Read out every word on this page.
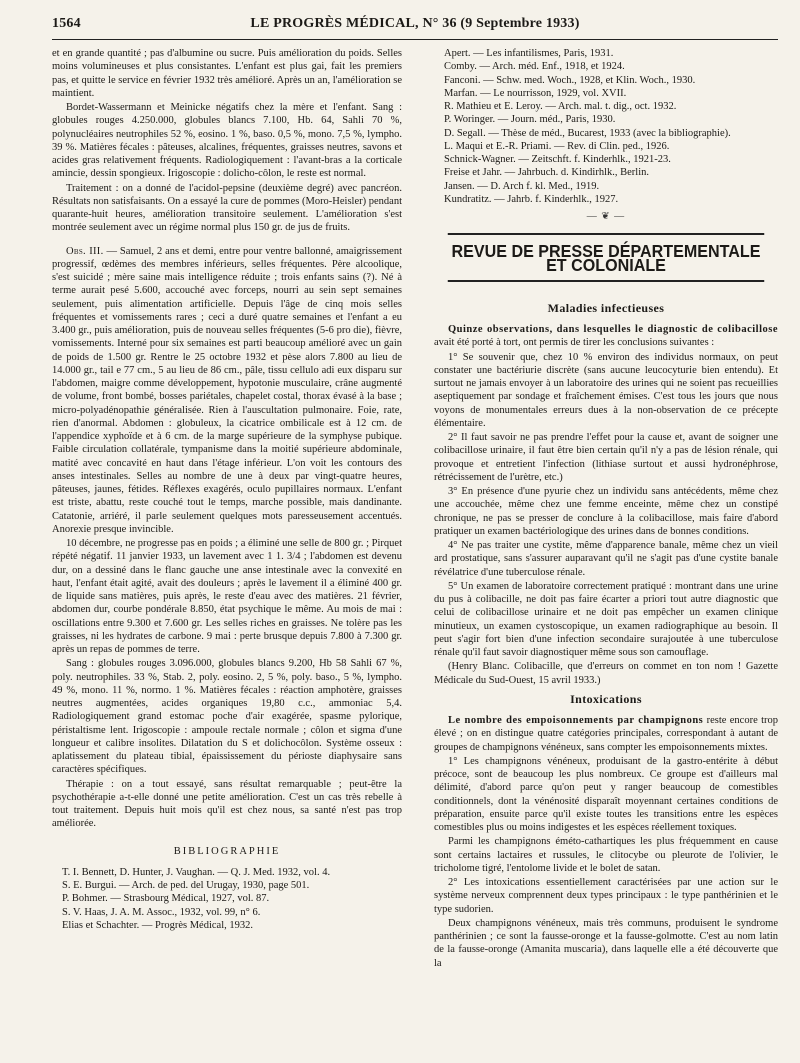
1564	LE PROGRÈS MÉDICAL, N° 36 (9 Septembre 1933)

et en grande quantité ; pas d'albumine ou sucre. Puis amélioration du poids. Selles moins volumineuses et plus consistantes. L'enfant est plus gai, fait les premiers pas, et quitte le service en février 1932 très amélioré. Après un an, l'amélioration se maintient.

Bordet-Wassermann et Meinicke négatifs chez la mère et l'enfant. Sang : globules rouges 4.250.000, globules blancs 7.100, Hb. 64, Sahli 70 %, polynucléaires neutrophiles 52 %, eosino. 1 %, baso. 0,5 %, mono. 7,5 %, lympho. 39 %. Matières fécales : pâteuses, alcalines, fréquentes, graisses neutres, savons et acides gras relativement fréquents. Radiologiquement : l'avant-bras a la corticale amincie, dessin spongieux. Irigoscopie : dolicho-côlon, le reste est normal.

Traitement : on a donné de l'acidol-pepsine (deuxième degré) avec pancréon. Résultats non satisfaisants. On a essayé la cure de pommes (Moro-Heisler) pendant quarante-huit heures, amélioration transitoire seulement. L'amélioration s'est montrée seulement avec un régime normal plus 150 gr. de jus de fruits.

Obs. III. — Samuel, 2 ans et demi, entre pour ventre ballonné, amaigrissement progressif, œdèmes des membres inférieurs, selles fréquentes. Père alcoolique, s'est suicidé ; mère saine mais intelligence réduite ; trois enfants sains (?). Né à terme aurait pesé 5.600, accouché avec forceps, nourri au sein sept semaines seulement, puis alimentation artificielle. Depuis l'âge de cinq mois selles fréquentes et vomissements rares ; ceci a duré quatre semaines et l'enfant a eu 3.400 gr., puis amélioration, puis de nouveau selles fréquentes (5-6 pro die), fièvre, vomissements. Interné pour six semaines est parti beaucoup amélioré avec un gain de poids de 1.500 gr. Rentre le 25 octobre 1932 et pèse alors 7.800 au lieu de 14.000 gr., tail e 77 cm., 5 au lieu de 86 cm., pâle, tissu cellulo adi eux disparu sur l'abdomen, maigre comme développement, hypotonie musculaire, crâne augmenté de volume, front bombé, bosses pariétales, chapelet costal, thorax évasé à la base ; micro-polyadénopathie généralisée. Rien à l'auscultation pulmonaire. Foie, rate, rien d'anormal. Abdomen : globuleux, la cicatrice ombilicale est à 12 cm. de l'appendice xyphoïde et à 6 cm. de la marge supérieure de la symphyse pubique. Faible circulation collatérale, tympanisme dans la moitié supérieure abdominale, matité avec concavité en haut dans l'étage inférieur. L'on voit les contours des anses intestinales. Selles au nombre de une à deux par vingt-quatre heures, pâteuses, jaunes, fétides. Réflexes exagérés, oculo pupillaires normaux. L'enfant est triste, abattu, reste couché tout le temps, marche possible, mais dandinante. Catatonie, arriéré, il parle seulement quelques mots paresseusement accentués. Anorexie presque invincible.

10 décembre, ne progresse pas en poids ; a éliminé une selle de 800 gr. ; Pirquet répété négatif. 11 janvier 1933, un lavement avec 1 1. 3/4 ; l'abdomen est devenu dur, on a dessiné dans le flanc gauche une anse intestinale avec la convexité en haut, l'enfant était agité, avait des douleurs ; après le lavement il a éliminé 400 gr. de liquide sans matières, puis après, le reste d'eau avec des matières. 21 février, abdomen dur, courbe pondérale 8.850, état psychique le même. Au mois de mai : oscillations entre 9.300 et 7.600 gr. Les selles riches en graisses. Ne tolère pas les graisses, ni les hydrates de carbone. 9 mai : perte brusque depuis 7.800 à 7.300 gr. après un repas de pommes de terre.

Sang : globules rouges 3.096.000, globules blancs 9.200, Hb 58 Sahli 67 %, poly. neutrophiles. 33 %, Stab. 2, poly. eosino. 2, 5 %, poly. baso., 5 %, lympho. 49 %, mono. 11 %, normo. 1 %. Matières fécales : réaction amphotère, graisses neutres augmentées, acides organiques 19,80 c.c., ammoniac 5,4. Radiologiquement grand estomac poche d'air exagérée, spasme pylorique, péristaltisme lent. Irigoscopie : ampoule rectale normale ; côlon et sigma d'une longueur et calibre insolites. Dilatation du S et dolichocôlon. Système osseux : aplatissement du plateau tibial, épaississement du périoste diaphysaire sans caractères spécifiques.

Thérapie : on a tout essayé, sans résultat remarquable ; peut-être la psychothérapie a-t-elle donné une petite amélioration. C'est un cas très rebelle à tout traitement. Depuis huit mois qu'il est chez nous, sa santé n'est pas trop améliorée.

BIBLIOGRAPHIE

T. I. Bennett, D. Hunter, J. Vaughan. — Q. J. Med. 1932, vol. 4.

S. E. Burgui. — Arch. de ped. del Urugay, 1930, page 501.

P. Bohmer. — Strasbourg Médical, 1927, vol. 87.

S. V. Haas, J. A. M. Assoc., 1932, vol. 99, n° 6.

Elias et Schachter. — Progrès Médical, 1932.

Apert. — Les infantilismes, Paris, 1931.

Comby. — Arch. méd. Enf., 1918, et 1924.

Fanconi. — Schw. med. Woch., 1928, et Klin. Woch., 1930.

Marfan. — Le nourrisson, 1929, vol. XVII.

R. Mathieu et E. Leroy. — Arch. mal. t. dig., oct. 1932.

P. Woringer. — Journ. méd., Paris, 1930.

D. Segall. — Thèse de méd., Bucarest, 1933 (avec la bibliographie).

L. Maqui et E.-R. Priami. — Rev. di Clin. ped., 1926.

Schnick-Wagner. — Zeitschft. f. Kinderhlk., 1921-23.

Freise et Jahr. — Jahrbuch. d. Kindirhlk., Berlin.

Jansen. — D. Arch f. kl. Med., 1919.

Kundratitz. — Jahrb. f. Kinderhlk., 1927.

— ❦ —
REVUE DE PRESSE DÉPARTEMENTALE ET COLONIALE
Maladies infectieuses

Quinze observations, dans lesquelles le diagnostic de colibacillose avait été porté à tort, ont permis de tirer les conclusions suivantes :

1° Se souvenir que, chez 10 % environ des individus normaux, on peut constater une bactériurie discrète (sans aucune leucocyturie bien entendu). Et surtout ne jamais envoyer à un laboratoire des urines qui ne soient pas recueillies aseptiquement par sondage et fraîchement émises. C'est tous les jours que nous voyons de monumentales erreurs dues à la non-observation de ce précepte élémentaire.

2° Il faut savoir ne pas prendre l'effet pour la cause et, avant de soigner une colibacillose urinaire, il faut être bien certain qu'il n'y a pas de lésion rénale, qui provoque et entretient l'infection (lithiase surtout et aussi hydronéphrose, rétrécissement de l'urètre, etc.)

3° En présence d'une pyurie chez un individu sans antécédents, même chez une accouchée, même chez une femme enceinte, même chez un constipé chronique, ne pas se presser de conclure à la colibacillose, mais faire d'abord pratiquer un examen bactériologique des urines dans de bonnes conditions.

4° Ne pas traiter une cystite, même d'apparence banale, même chez un vieil ard prostatique, sans s'assurer auparavant qu'il ne s'agit pas d'une cystite banale révélatrice d'une tuberculose rénale.

5° Un examen de laboratoire correctement pratiqué : montrant dans une urine du pus à colibacille, ne doit pas faire écarter a priori tout autre diagnostic que celui de colibacillose urinaire et ne doit pas empêcher un examen clinique minutieux, un examen cystoscopique, un examen radiographique au besoin. Il peut s'agir fort bien d'une infection secondaire surajoutée à une tuberculose rénale qu'il faut savoir diagnostiquer même sous son camouflage.

(Henry Blanc. Colibacille, que d'erreurs on commet en ton nom ! Gazette Médicale du Sud-Ouest, 15 avril 1933.)

Intoxications

Le nombre des empoisonnements par champignons reste encore trop élevé ; on en distingue quatre catégories principales, correspondant à autant de groupes de champignons vénéneux, sans compter les empoisonnements mixtes.

1° Les champignons vénéneux, produisant de la gastro-entérite à début précoce, sont de beaucoup les plus nombreux. Ce groupe est d'ailleurs mal délimité, d'abord parce qu'on peut y ranger beaucoup de comestibles conditionnels, dont la vénénosité disparaît moyennant certaines conditions de préparation, ensuite parce qu'il existe toutes les transitions entre les espèces comestibles plus ou moins indigestes et les espèces réellement toxiques.

Parmi les champignons éméto-cathartiques les plus fréquemment en cause sont certains lactaires et russules, le clitocybe ou pleurote de l'olivier, le tricholome tigré, l'entolome livide et le bolet de satan.

2° Les intoxications essentiellement caractérisées par une action sur le système nerveux comprennent deux types principaux : le type panthérinien et le type sudorien.

Deux champignons vénéneux, mais très communs, produisent le syndrome panthérinien ; ce sont la fausse-oronge et la fausse-golmotte. C'est au nom latin de la fausse-oronge (Amanita muscaria), dans laquelle elle a été découverte que la
